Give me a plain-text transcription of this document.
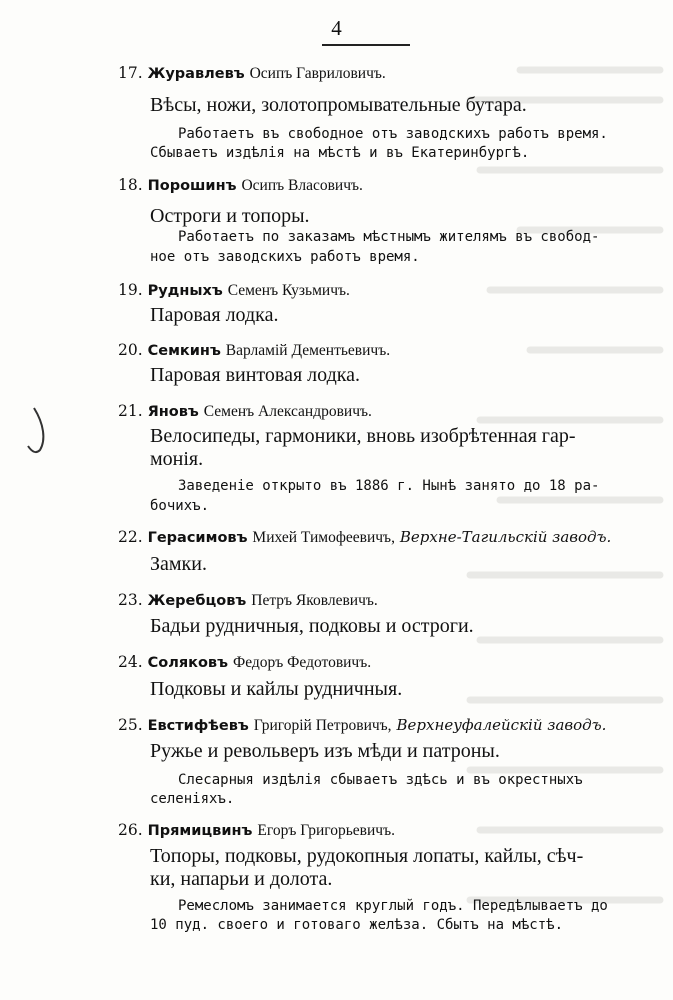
4
17. Журавлевъ Осипъ Гавриловичъ.
Вѣсы, ножи, золотопромывательные бутара.
Работаетъ въ свободное отъ заводскихъ работъ время.
Сбываетъ издѣлія на мѣстѣ и въ Екатеринбургѣ.
18. Порошинъ Осипъ Власовичъ.
Остроги и топоры.
Работаетъ по заказамъ мѣстнымъ жителямъ въ свобод-
ное отъ заводскихъ работъ время.
19. Рудныхъ Семенъ Кузьмичъ.
Паровая лодка.
20. Семкинъ Варламій Дементьевичъ.
Паровая винтовая лодка.
21. Яновъ Семенъ Александровичъ.
Велосипеды, гармоники, вновь изобрѣтенная гар-
монія.
Заведеніе открыто въ 1886 г. Нынѣ занято до 18 ра-
бочихъ.
22. Герасимовъ Михей Тимофеевичъ, Верхне-Тагильскій заводъ.
Замки.
23. Жеребцовъ Петръ Яковлевичъ.
Бадьи рудничныя, подковы и остроги.
24. Соляковъ Федоръ Федотовичъ.
Подковы и кайлы рудничныя.
25. Евстифѣевъ Григорій Петровичъ, Верхнеуфалейскій заводъ.
Ружье и револьверъ изъ мѣди и патроны.
Слесарныя издѣлія сбываетъ здѣсь и въ окрестныхъ
селеніяхъ.
26. Прямицвинъ Егоръ Григорьевичъ.
Топоры, подковы, рудокопныя лопаты, кайлы, сѣч-
ки, напарьи и долота.
Ремесломъ занимается круглый годъ. Передѣлываетъ до
10 пуд. своего и готоваго желѣза. Сбытъ на мѣстѣ.
